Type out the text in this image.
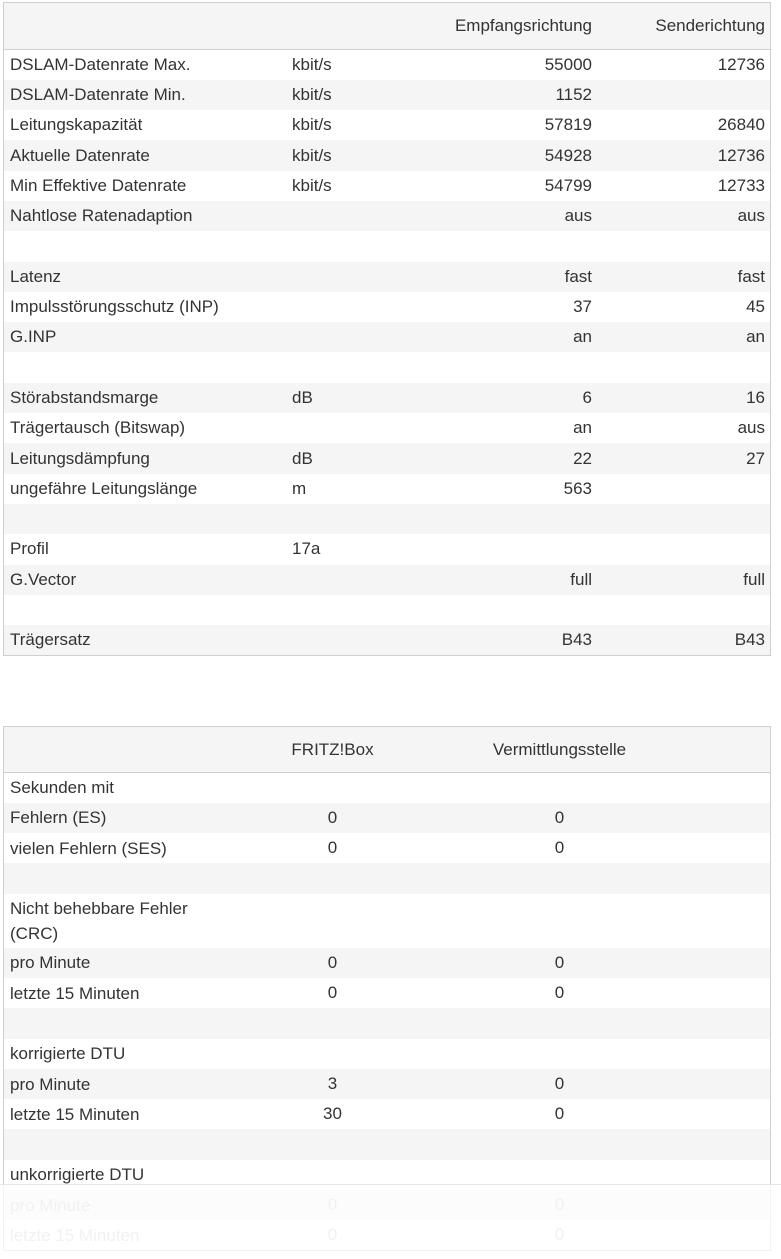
		Empfangsrichtung	Senderichtung
DSLAM-Datenrate Max.	kbit/s	55000	12736
DSLAM-Datenrate Min.	kbit/s	1152	
Leitungskapazität	kbit/s	57819	26840
Aktuelle Datenrate	kbit/s	54928	12736
Min Effektive Datenrate	kbit/s	54799	12733
Nahtlose Ratenadaption		aus	aus

Latenz		fast	fast
Impulsstörungsschutz (INP)		37	45
G.INP		an	an

Störabstandsmarge	dB	6	16
Trägertausch (Bitswap)		an	aus
Leitungsdämpfung	dB	22	27
ungefähre Leitungslänge	m	563	

Profil	17a		
G.Vector		full	full

Trägersatz		B43	B43
	FRITZ!Box	Vermittlungsstelle
Sekunden mit		
Fehlern (ES)	0	0
vielen Fehlern (SES)	0	0

Nicht behebbare Fehler (CRC)		
pro Minute	0	0
letzte 15 Minuten	0	0

korrigierte DTU		
pro Minute	3	0
letzte 15 Minuten	30	0

unkorrigierte DTU		
